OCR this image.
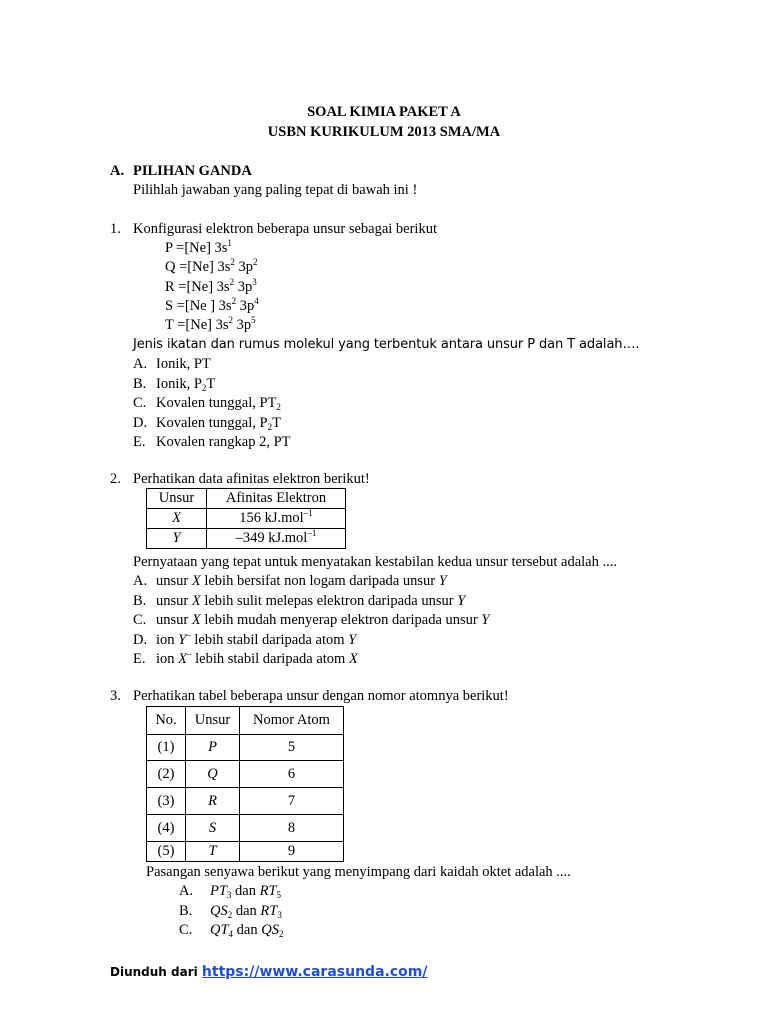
SOAL KIMIA PAKET A
USBN KURIKULUM 2013 SMA/MA
A. PILIHAN GANDA
Pilihlah jawaban yang paling tepat di bawah ini !
1. Konfigurasi elektron beberapa unsur sebagai berikut
P =[Ne] $3s^1$
Q =[Ne] $3s^2$ $3p^2$
R =[Ne] $3s^2$ $3p^3$
S =[Ne ] $3s^2$ $3p^4$
T =[Ne] $3s^2$ $3p^5$
Jenis ikatan dan rumus molekul yang terbentuk antara unsur P dan T adalah….
A. Ionik, PT
B. Ionik, $P_2T$
C. Kovalen tunggal, $PT_2$
D. Kovalen tunggal, $P_2T$
E. Kovalen rangkap 2, PT
2. Perhatikan data afinitas elektron berikut!
Unsur	Afinitas Elektron
X	156 kJ.mol$^{-1}$
Y	–349 kJ.mol$^{-1}$
Pernyataan yang tepat untuk menyatakan kestabilan kedua unsur tersebut adalah ....
A. unsur X lebih bersifat non logam daripada unsur Y
B. unsur X lebih sulit melepas elektron daripada unsur Y
C. unsur X lebih mudah menyerap elektron daripada unsur Y
D. ion Y– lebih stabil daripada atom Y
E. ion X– lebih stabil daripada atom X
3. Perhatikan tabel beberapa unsur dengan nomor atomnya berikut!
No.	Unsur	Nomor Atom
(1)	P	5
(2)	Q	6
(3)	R	7
(4)	S	8
(5)	T	9
Pasangan senyawa berikut yang menyimpang dari kaidah oktet adalah ....
A. $PT_3$ dan $RT_5$
B. $QS_2$ dan $RT_3$
C. $QT_4$ dan $QS_2$
Diunduh dari https://www.carasunda.com/
